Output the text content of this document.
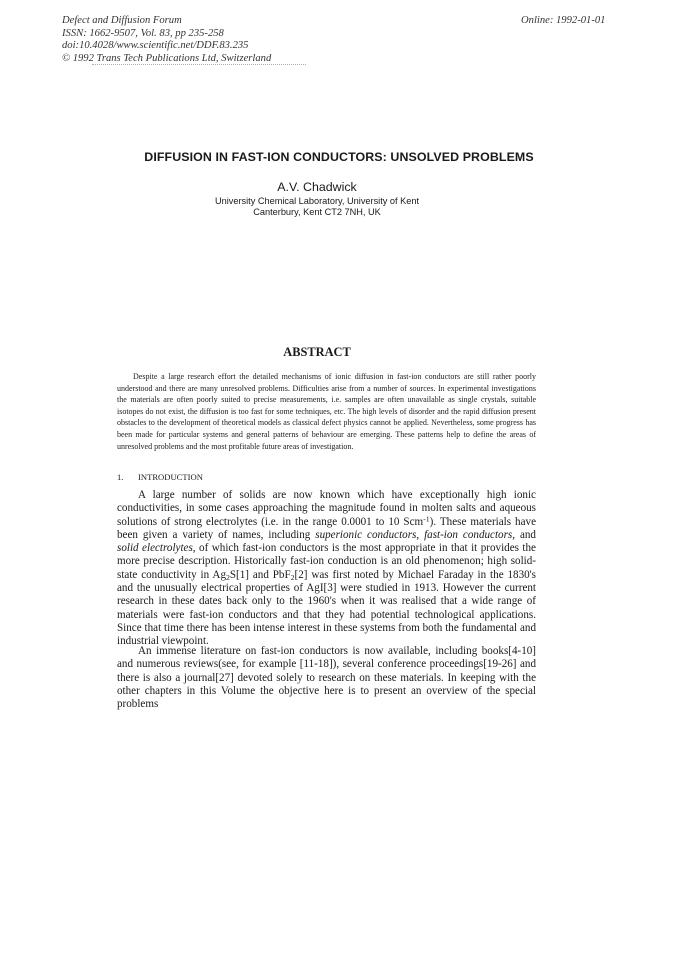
Defect and Diffusion Forum
ISSN: 1662-9507, Vol. 83, pp 235-258
doi:10.4028/www.scientific.net/DDF.83.235
© 1992 Trans Tech Publications Ltd, Switzerland
Online: 1992-01-01
DIFFUSION IN FAST-ION CONDUCTORS: UNSOLVED PROBLEMS
A.V. Chadwick
University Chemical Laboratory, University of Kent
Canterbury, Kent CT2 7NH, UK
ABSTRACT

Despite a large research effort the detailed mechanisms of ionic diffusion in fast-ion conductors are still rather poorly understood and there are many unresolved problems. Difficulties arise from a number of sources. In experimental investigations the materials are often poorly suited to precise measurements, i.e. samples are often unavailable as single crystals, suitable isotopes do not exist, the diffusion is too fast for some techniques, etc. The high levels of disorder and the rapid diffusion present obstacles to the development of theoretical models as classical defect physics cannot be applied. Nevertheless, some progress has been made for particular systems and general patterns of behaviour are emerging. These patterns help to define the areas of unresolved problems and the most profitable future areas of investigation.

1. INTRODUCTION

A large number of solids are now known which have exceptionally high ionic conductivities, in some cases approaching the magnitude found in molten salts and aqueous solutions of strong electrolytes (i.e. in the range 0.0001 to 10 Scm$^{-1}$). These materials have been given a variety of names, including superionic conductors, fast-ion conductors, and solid electrolytes, of which fast-ion conductors is the most appropriate in that it provides the more precise description. Historically fast-ion conduction is an old phenomenon; high solid-state conductivity in $Ag_2S[1]$ and PbF$_2$[2] was first noted by Michael Faraday in the 1830's and the unusually electrical properties of AgI[3] were studied in 1913. However the current research in these dates back only to the 1960's when it was realised that a wide range of materials were fast-ion conductors and that they had potential technological applications. Since that time there has been intense interest in these systems from both the fundamental and industrial viewpoint.

An immense literature on fast-ion conductors is now available, including books[4-10] and numerous reviews(see, for example [11-18]), several conference proceedings[19-26] and there is also a journal[27] devoted solely to research on these materials. In keeping with the other chapters in this Volume the objective here is to present an overview of the special problems
